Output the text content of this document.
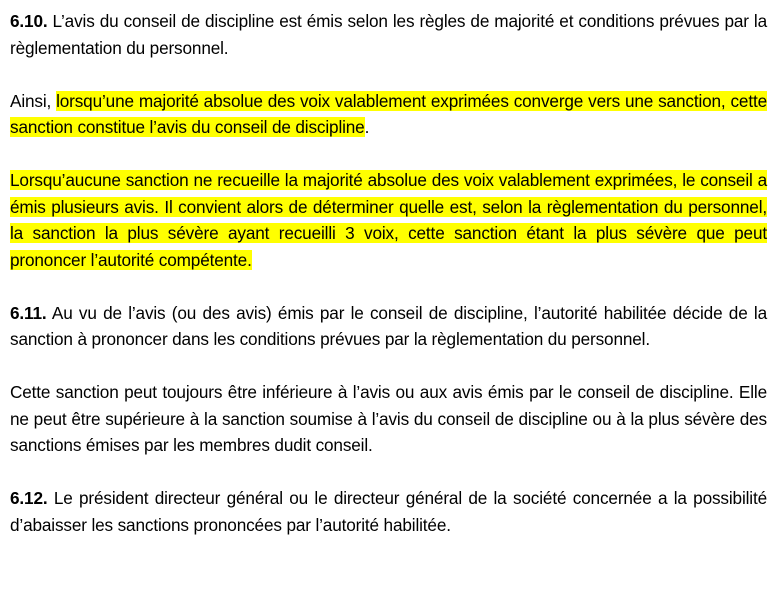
6.10. L’avis du conseil de discipline est émis selon les règles de majorité et conditions prévues par la règlementation du personnel.

Ainsi, lorsqu’une majorité absolue des voix valablement exprimées converge vers une sanction, cette sanction constitue l’avis du conseil de discipline.

Lorsqu’aucune sanction ne recueille la majorité absolue des voix valablement exprimées, le conseil a émis plusieurs avis. Il convient alors de déterminer quelle est, selon la règlementation du personnel, la sanction la plus sévère ayant recueilli 3 voix, cette sanction étant la plus sévère que peut prononcer l’autorité compétente.

6.11. Au vu de l’avis (ou des avis) émis par le conseil de discipline, l’autorité habilitée décide de la sanction à prononcer dans les conditions prévues par la règlementation du personnel.

Cette sanction peut toujours être inférieure à l’avis ou aux avis émis par le conseil de discipline. Elle ne peut être supérieure à la sanction soumise à l’avis du conseil de discipline ou à la plus sévère des sanctions émises par les membres dudit conseil.

6.12. Le président directeur général ou le directeur général de la société concernée a la possibilité d’abaisser les sanctions prononcées par l’autorité habilitée.
